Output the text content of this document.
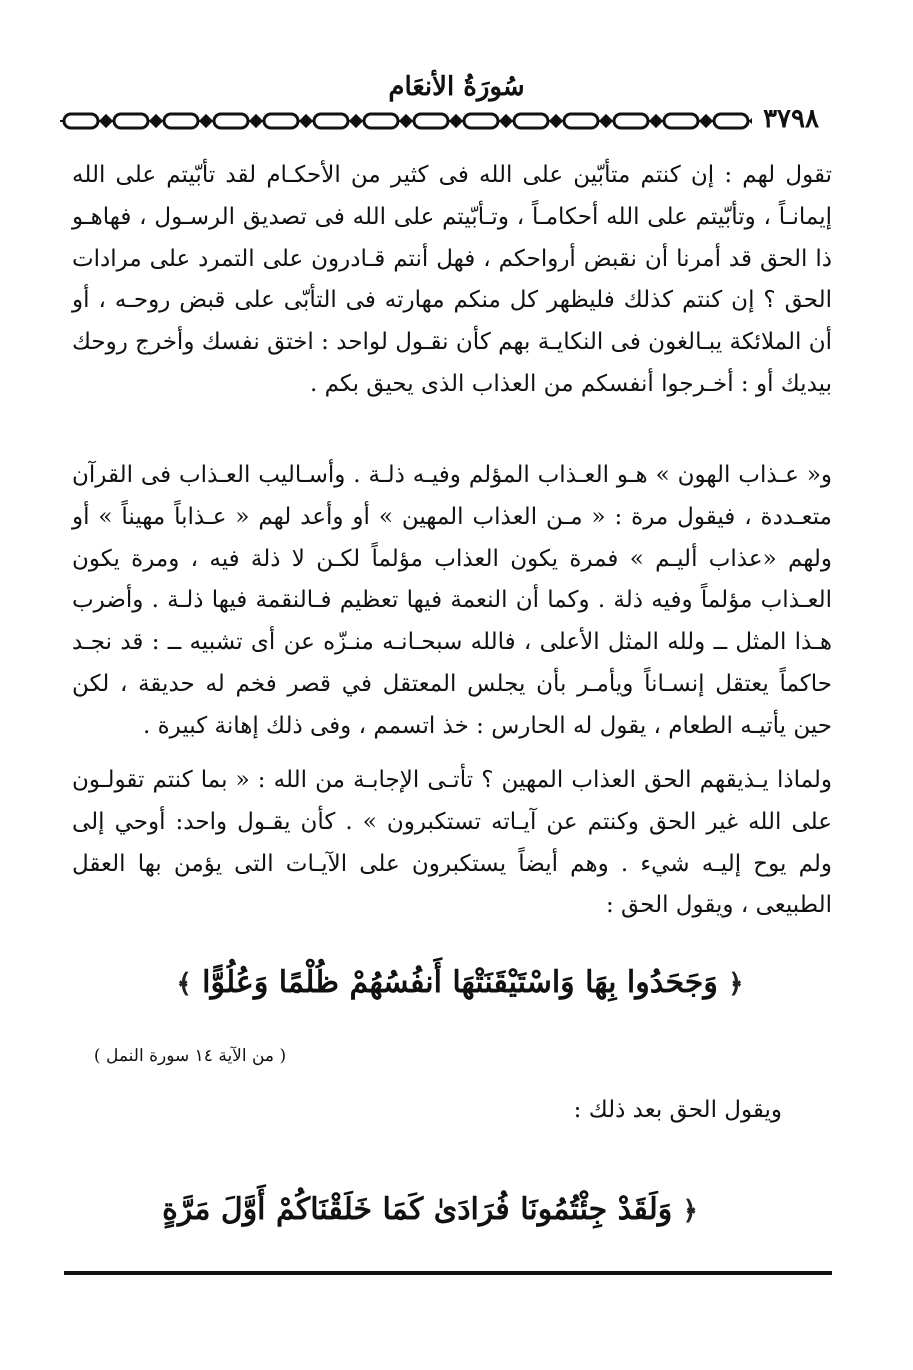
سُورَةُ الأنعَام
٣٧٩٨

تقول لهم : إن كنتم متأبّين على الله فى كثير من الأحكـام لقد تأبّيتم على الله إيمانـاً ، وتأبّيتم على الله أحكامـاً ، وتـأبّيتم على الله فى تصديق الرسـول ، فهاهـو ذا الحق قد أمرنا أن نقبض أرواحكم ، فهل أنتم قـادرون على التمرد على مرادات الحق ؟ إن كنتم كذلك فليظهر كل منكم مهارته فى التأبّى على قبض روحـه ، أو أن الملائكة يبـالغون فى النكايـة بهم كأن نقـول لواحد : اختق نفسك وأخرج روحك بيديك أو : أخـرجوا أنفسكم من العذاب الذى يحيق بكم .

و« عـذاب الهون » هـو العـذاب المؤلم وفيـه ذلـة . وأسـاليب العـذاب فى القرآن متعـددة ، فيقول مرة : « مـن العذاب المهين » أو وأعد لهم « عـذاباً مهيناً » أو ولهم «عذاب أليـم » فمرة يكون العذاب مؤلماً لكـن لا ذلة فيه ، ومرة يكون العـذاب مؤلماً وفيه ذلة . وكما أن النعمة فيها تعظيم فـالنقمة فيها ذلـة . وأضرب هـذا المثل ــ ولله المثل الأعلى ، فالله سبحـانـه منـزّه عن أى تشبيه ــ : قد نجـد حاكماً يعتقل إنسـاناً ويأمـر بأن يجلس المعتقل في قصر فخم له حديقة ، لكن حين يأتيـه الطعام ، يقول له الحارس : خذ اتسمم ، وفى ذلك إهانة كبيرة .

ولماذا يـذيقهم الحق العذاب المهين ؟ تأتـى الإجابـة من الله : « بما كنتم تقولـون على الله غير الحق وكنتم عن آيـاته تستكبرون » . كأن يقـول واحد: أوحي إلى ولم يوح إليـه شيء . وهم أيضاً يستكبرون على الآيـات التى يؤمن بها العقل الطبيعى ، ويقول الحق :

﴿ وَجَحَدُوا بِهَا وَاسْتَيْقَنَتْهَا أَنفُسُهُمْ ظُلْمًا وَعُلُوًّا ﴾
( من الآية ١٤ سورة النمل )
ويقول الحق بعد ذلك :
﴿ وَلَقَدْ جِئْتُمُونَا فُرَادَىٰ كَمَا خَلَقْنَاكُمْ أَوَّلَ مَرَّةٍ
